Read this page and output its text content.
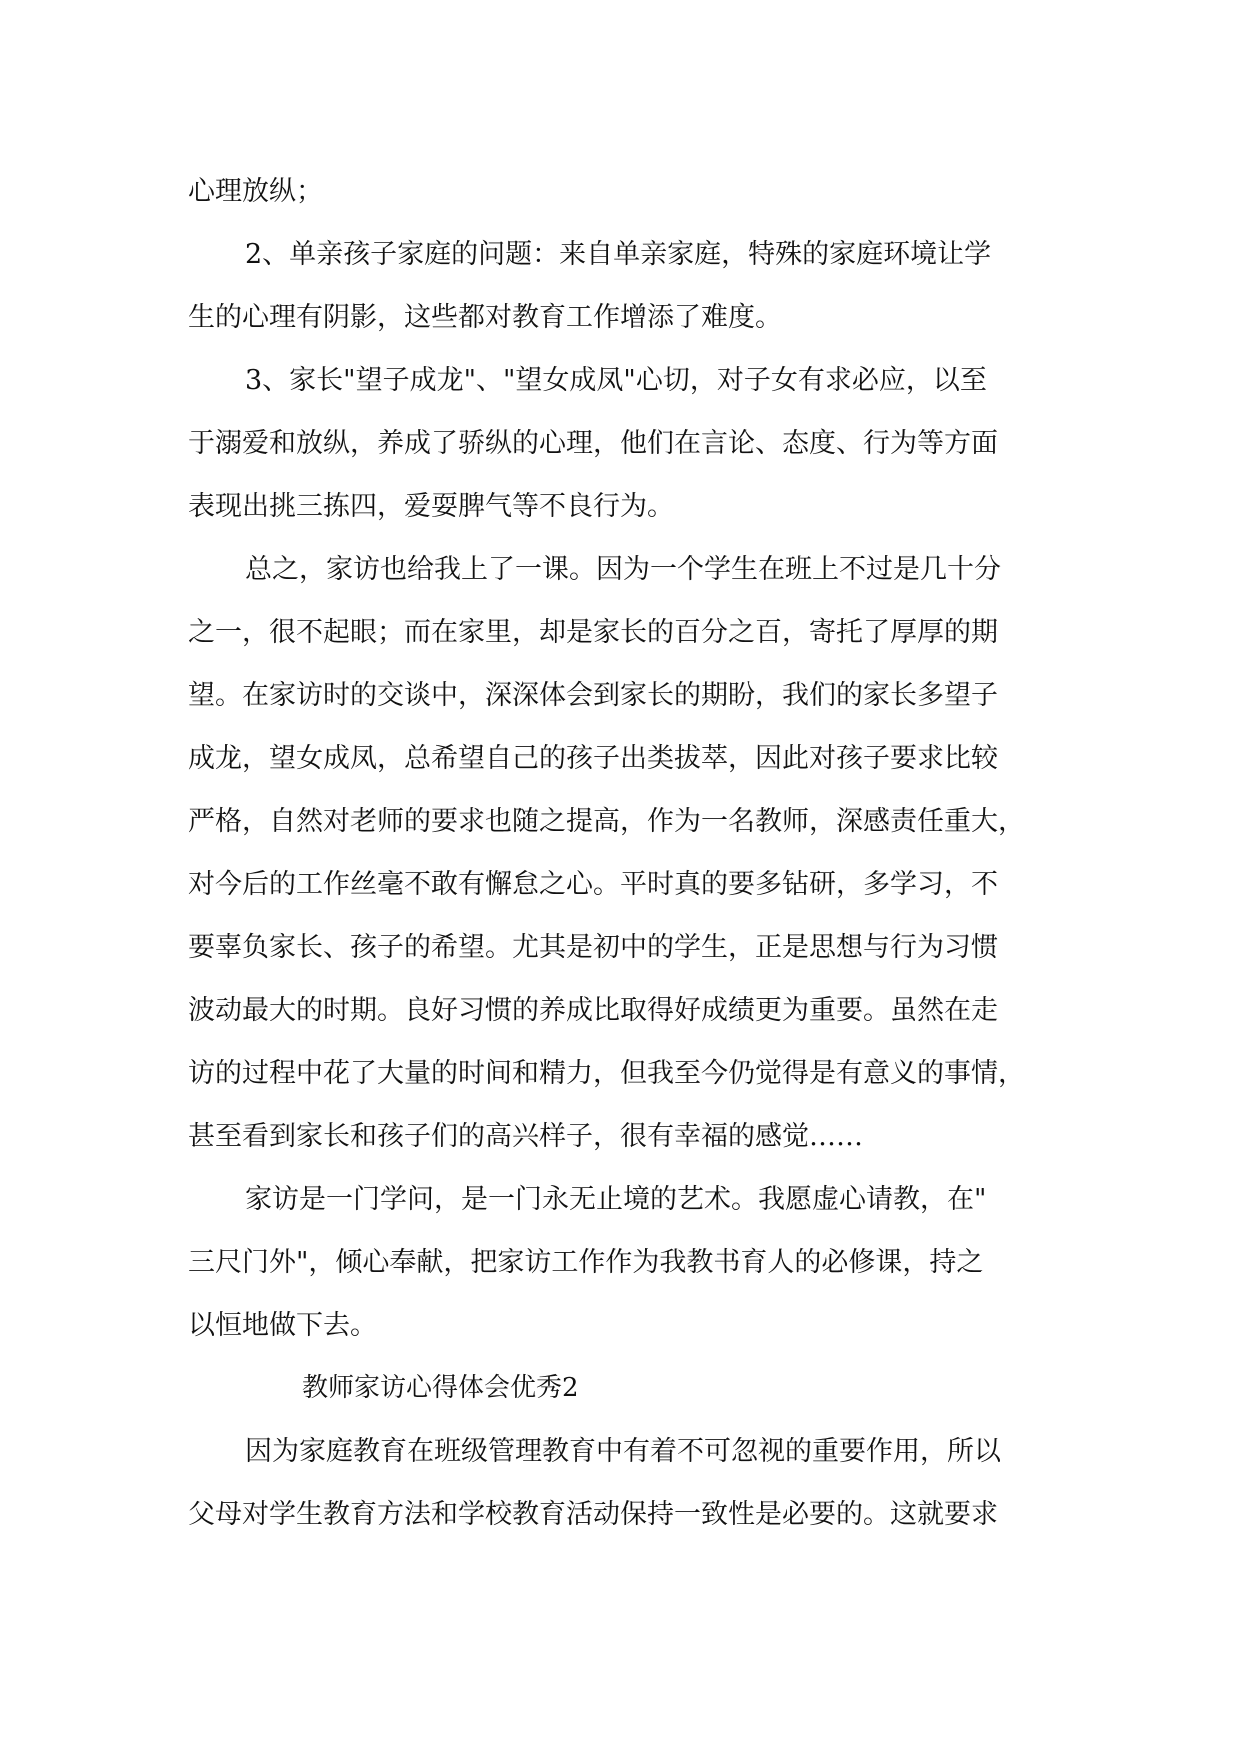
心理放纵；
2、单亲孩子家庭的问题：来自单亲家庭，特殊的家庭环境让学
生的心理有阴影，这些都对教育工作增添了难度。
3、家长"望子成龙"、"望女成凤"心切，对子女有求必应，以至
于溺爱和放纵，养成了骄纵的心理，他们在言论、态度、行为等方面
表现出挑三拣四，爱耍脾气等不良行为。
总之，家访也给我上了一课。因为一个学生在班上不过是几十分
之一，很不起眼；而在家里，却是家长的百分之百，寄托了厚厚的期
望。在家访时的交谈中，深深体会到家长的期盼，我们的家长多望子
成龙，望女成凤，总希望自己的孩子出类拔萃，因此对孩子要求比较
严格，自然对老师的要求也随之提高，作为一名教师，深感责任重大，
对今后的工作丝毫不敢有懈怠之心。平时真的要多钻研，多学习，不
要辜负家长、孩子的希望。尤其是初中的学生，正是思想与行为习惯
波动最大的时期。良好习惯的养成比取得好成绩更为重要。虽然在走
访的过程中花了大量的时间和精力，但我至今仍觉得是有意义的事情，
甚至看到家长和孩子们的高兴样子，很有幸福的感觉……
家访是一门学问，是一门永无止境的艺术。我愿虚心请教，在"
三尺门外"，倾心奉献，把家访工作作为我教书育人的必修课，持之
以恒地做下去。
教师家访心得体会优秀2
因为家庭教育在班级管理教育中有着不可忽视的重要作用，所以
父母对学生教育方法和学校教育活动保持一致性是必要的。这就要求
